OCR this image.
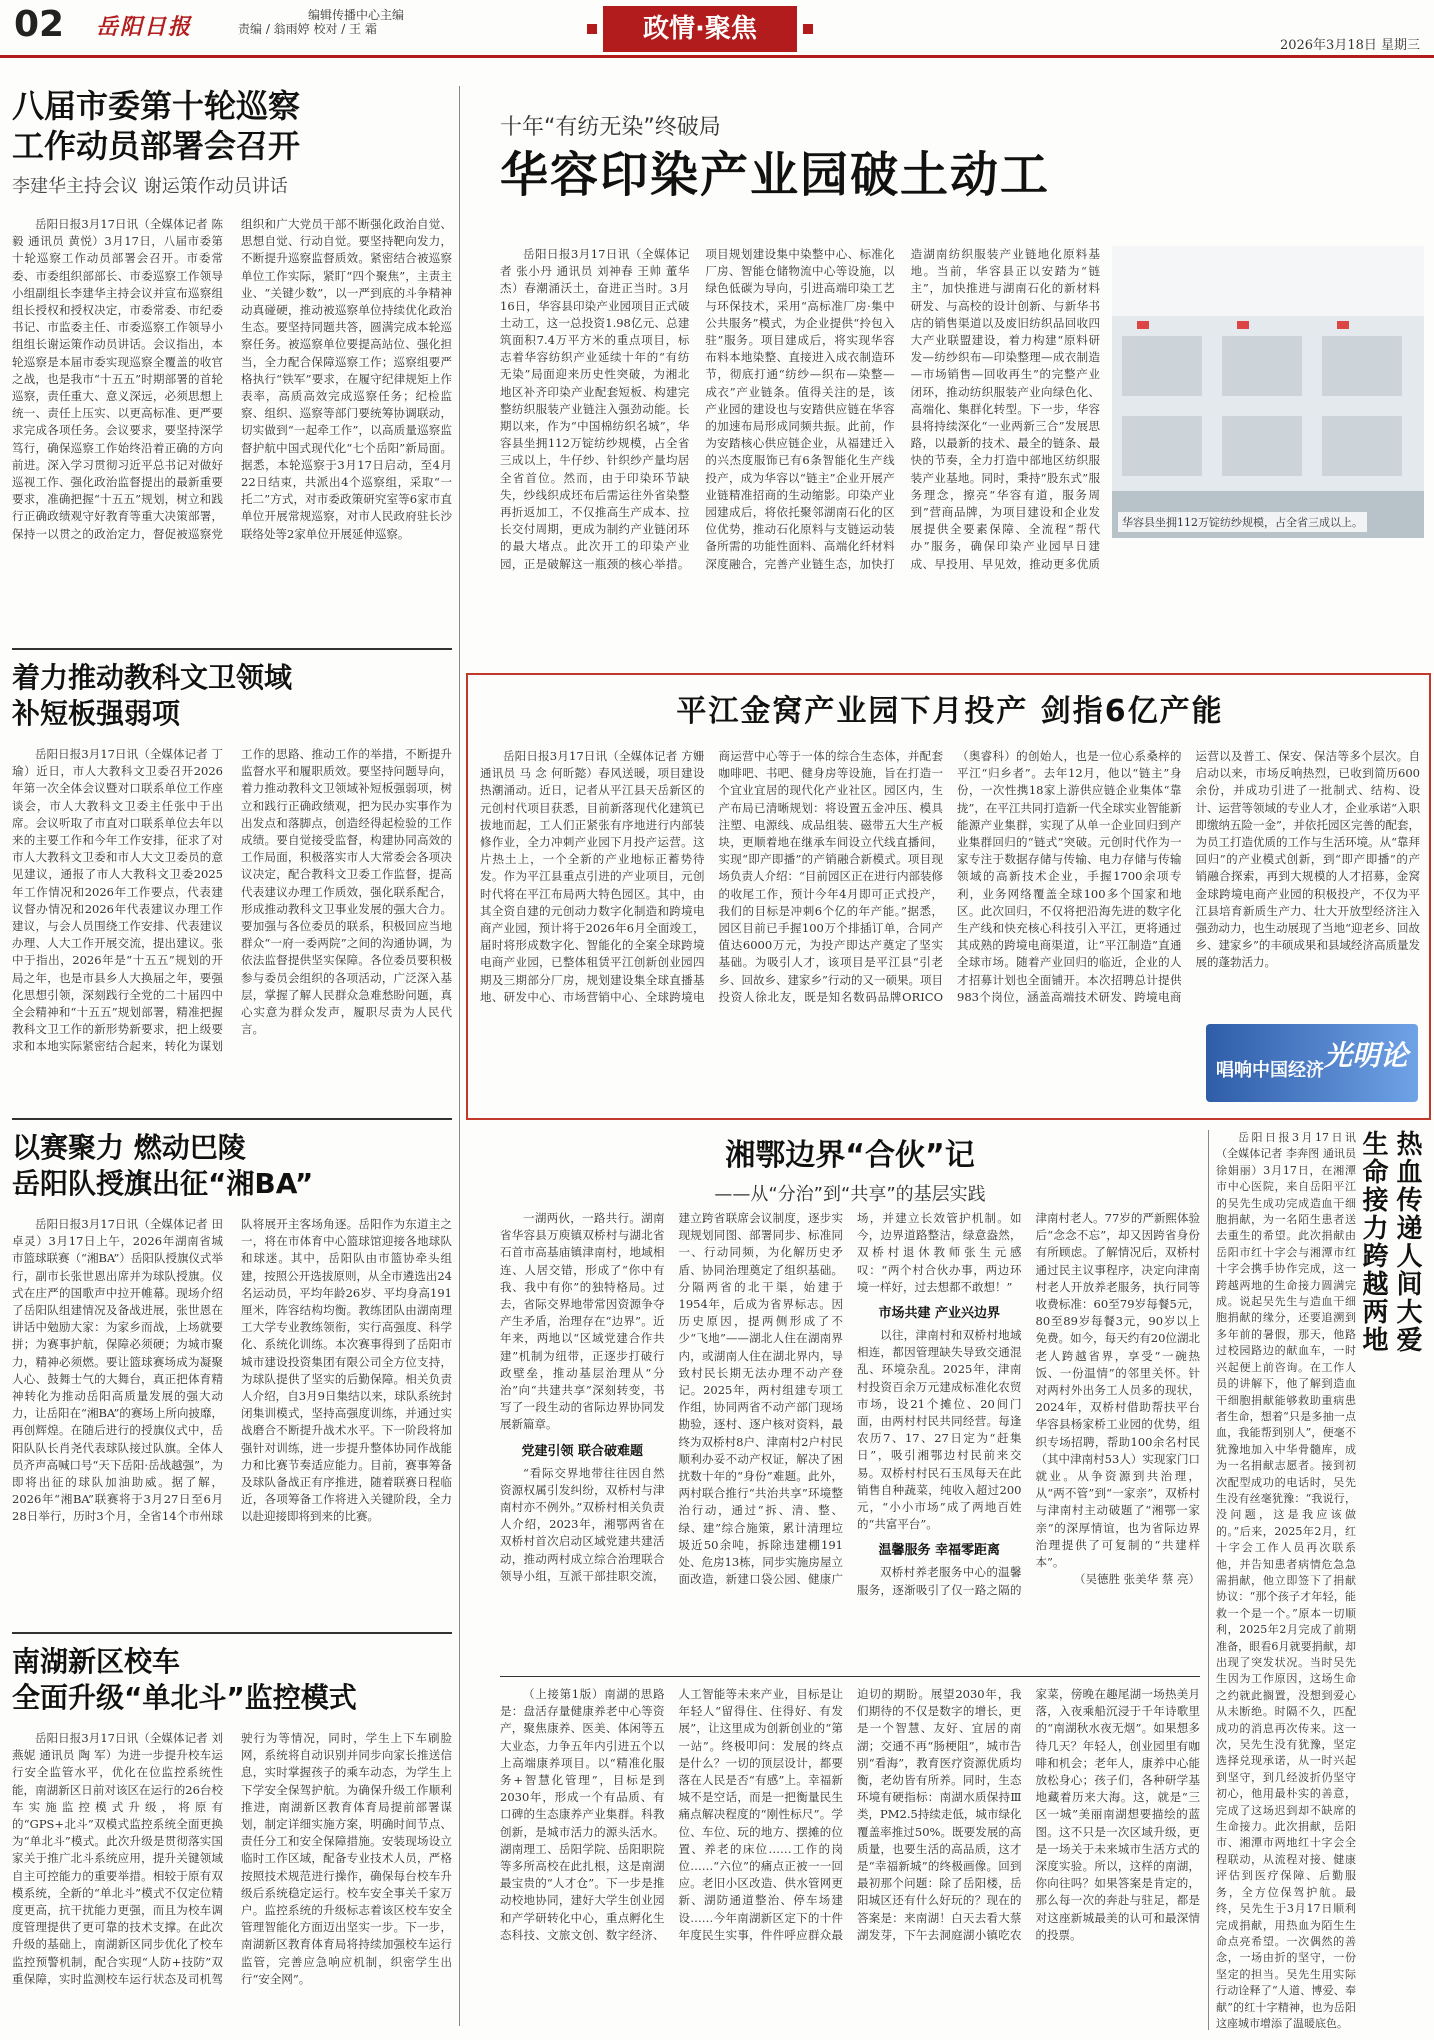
02 岳阳日报	编辑传播中心主编
责编 / 翁雨婷 校对 / 王 霜	政情·聚焦
2026年3月18日 星期三
八届市委第十轮巡察
工作动员部署会召开
李建华主持会议 谢运策作动员讲话
岳阳日报3月17日讯（全媒体记者 陈毅 通讯员 黄悦）3月17日，八届市委第十轮巡察工作动员部署会召开。市委常委、市委组织部部长、市委巡察工作领导小组副组长李建华主持会议并宣布巡察组组长授权和授权决定，市委常委、市纪委书记、市监委主任、市委巡察工作领导小组组长谢运策作动员讲话。会议指出，本轮巡察是本届市委实现巡察全覆盖的收官之战，也是我市“十五五”时期部署的首轮巡察，责任重大、意义深远，必须思想上统一、责任上压实、以更高标准、更严要求完成各项任务。会议要求，要坚持深学笃行，确保巡察工作始终沿着正确的方向前进。深入学习贯彻习近平总书记对做好巡视工作、强化政治监督提出的最新重要要求，准确把握“十五五”规划，树立和践行正确政绩观守好教育等重大决策部署，保持一以贯之的政治定力，督促被巡察党组织和广大党员干部不断强化政治自觉、思想自觉、行动自觉。要坚持靶向发力，不断提升巡察监督质效。紧密结合被巡察单位工作实际，紧盯“四个聚焦”，主责主业、“关键少数”，以一严到底的斗争精神动真碰硬，推动被巡察单位持续优化政治生态。要坚持同题共答，圆满完成本轮巡察任务。被巡察单位要提高站位、强化担当，全力配合保障巡察工作；巡察组要严格执行“铁军”要求，在履守纪律规矩上作表率，高质高效完成巡察任务；纪检监察、组织、巡察等部门要统筹协调联动，切实做到“一起牵工作”，以高质量巡察监督护航中国式现代化“七个岳阳”新局面。据悉，本轮巡察于3月17日启动，至4月22日结束，共派出4个巡察组，采取“一托二”方式，对市委政策研究室等6家市直单位开展常规巡察，对市人民政府驻长沙联络处等2家单位开展延伸巡察。
着力推动教科文卫领域
补短板强弱项
岳阳日报3月17日讯（全媒体记者 丁瑜）近日，市人大教科文卫委召开2026年第一次全体会议暨对口联系单位工作座谈会，市人大教科文卫委主任张中于出席。会议听取了市直对口联系单位去年以来的主要工作和今年工作安排，征求了对市人大教科文卫委和市人大文卫委员的意见建议，通报了市人大教科文卫委2025年工作情况和2026年工作要点，代表建议督办情况和2026年代表建议办理工作建议，与会人员围绕工作安排、代表建议办理、人大工作开展交流，提出建议。张中于指出，2026年是“十五五”规划的开局之年，也是市县乡人大换届之年，要强化思想引领，深刻践行全党的二十届四中全会精神和“十五五”规划部署，精准把握教科文卫工作的新形势新要求，把上级要求和本地实际紧密结合起来，转化为谋划工作的思路、推动工作的举措，不断提升监督水平和履职质效。要坚持问题导向，着力推动教科文卫领域补短板强弱项，树立和践行正确政绩观，把为民办实事作为出发点和落脚点，创造经得起检验的工作成绩。要自觉接受监督，构建协同高效的工作局面，积极落实市人大常委会各项决议决定，配合教科文卫委工作监督，提高代表建议办理工作质效，强化联系配合，形成推动教科文卫事业发展的强大合力。要加强与各位委员的联系，积极回应当地群众“一府一委两院”之间的沟通协调，为依法监督提供坚实保障。各位委员要积极参与委员会组织的各项活动，广泛深入基层，掌握了解人民群众急难愁盼问题，真心实意为群众发声，履职尽责为人民代言。
以赛聚力 燃动巴陵
岳阳队授旗出征“湘BA”
岳阳日报3月17日讯（全媒体记者 田卓灵）3月17日上午，2026年湖南省城市篮球联赛（“湘BA”）岳阳队授旗仪式举行，副市长张世恩出席并为球队授旗。仪式在庄严的国歌声中拉开帷幕。现场介绍了岳阳队组建情况及备战进展，张世恩在讲话中勉励大家：为家乡而战，上场就要拼；为赛事护航，保障必须硬；为城市聚力，精神必须燃。要让篮球赛场成为凝聚人心、鼓舞士气的大舞台，真正把体育精神转化为推动岳阳高质量发展的强大动力，让岳阳在“湘BA”的赛场上所向披靡，再创辉煌。在随后进行的授旗仪式中，岳阳队队长肖尧代表球队接过队旗。全体人员齐声高喊口号“天下岳阳·岳战越强”，为即将出征的球队加油助威。据了解，2026年“湘BA”联赛将于3月27日至6月28日举行，历时3个月，全省14个市州球队将展开主客场角逐。岳阳作为东道主之一，将在市体育中心篮球馆迎接各地球队和球迷。其中，岳阳队由市篮协牵头组建，按照公开选拔原则，从全市遴选出24名运动员，平均年龄26岁、平均身高191厘米，阵容结构均衡。教练团队由湖南理工大学专业教练领衔，实行高强度、科学化、系统化训练。本次赛事得到了岳阳市城市建设投资集团有限公司全方位支持，为球队提供了坚实的后勤保障。相关负责人介绍，自3月9日集结以来，球队系统封闭集训模式，坚持高强度训练，并通过实战磨合不断提升战术水平。下一阶段将加强针对训练，进一步提升整体协同作战能力和比赛节奏适应能力。目前，赛事筹备及球队备战正有序推进，随着联赛日程临近，各项筹备工作将进入关键阶段，全力以赴迎接即将到来的比赛。
南湖新区校车
全面升级“单北斗”监控模式
岳阳日报3月17日讯（全媒体记者 刘燕妮 通讯员 陶 军）为进一步提升校车运行安全监管水平，优化在位监控系统性能，南湖新区日前对该区在运行的26台校车实施监控模式升级，将原有的“GPS+北斗”双模式监控系统全面更换为“单北斗”模式。此次升级是贯彻落实国家关于推广北斗系统应用，提升关键领域自主可控能力的重要举措。相较于原有双模系统，全新的“单北斗”模式不仅定位精度更高，抗干扰能力更强，而且为校车调度管理提供了更可靠的技术支撑。在此次升级的基础上，南湖新区同步优化了校车监控预警机制，配合实现“人防+技防”双重保障，实时监测校车运行状态及司机驾驶行为等情况，同时，学生上下车刷脸网，系统将自动识别并同步向家长推送信息，实时掌握孩子的乘车动态，为学生上下学安全保驾护航。为确保升级工作顺利推进，南湖新区教育体育局提前部署谋划，制定详细实施方案，明确时间节点、责任分工和安全保障措施。安装现场设立临时工作区域，配备专业技术人员，严格按照技术规范进行操作，确保每台校车升级后系统稳定运行。校车安全事关千家万户。监控系统的升级标志着该区校车安全管理智能化方面迈出坚实一步。下一步，南湖新区教育体育局将持续加强校车运行监管，完善应急响应机制，织密学生出行“安全网”。
十年“有纺无染”终破局
华容印染产业园破土动工
岳阳日报3月17日讯（全媒体记者 张小丹 通讯员 刘神春 王帅 董华杰）春潮涌沃土，奋进正当时。3月16日，华容县印染产业园项目正式破土动工，这一总投资1.98亿元、总建筑面积7.4万平方米的重点项目，标志着华容纺织产业延续十年的“有纺无染”局面迎来历史性突破，为湘北地区补齐印染产业配套短板、构建完整纺织服装产业链注入强劲动能。长期以来，作为“中国棉纺织名城”，华容县坐拥112万锭纺纱规模，占全省三成以上，牛仔纱、针织纱产量均居全省首位。然而，由于印染环节缺失，纱线织成坯布后需运往外省染整再折返加工，不仅推高生产成本、拉长交付周期，更成为制约产业链闭环的最大堵点。此次开工的印染产业园，正是破解这一瓶颈的核心举措。项目规划建设集中染整中心、标准化厂房、智能仓储物流中心等设施，以绿色低碳为导向，引进高端印染工艺与环保技术，采用“高标准厂房·集中公共服务”模式，为企业提供“拎包入驻”服务。项目建成后，将实现华容布料本地染整、直接进入成衣制造环节，彻底打通“纺纱—织布—染整—成衣”产业链条。值得关注的是，该产业园的建设也与安踏供应链在华容的加速布局形成同频共振。此前，作为安踏核心供应链企业，从福建迁入的兴杰度服饰已有6条智能化生产线投产，成为华容以“链主”企业开展产业链精准招商的生动缩影。印染产业园建成后，将依托聚邻湖南石化的区位优势，推动石化原料与支链运动装备所需的功能性面料、高端化纤材料深度融合，完善产业链生态，加快打造湖南纺织服装产业链地化原料基地。当前，华容县正以安踏为“链主”，加快推进与湖南石化的新材料研发、与高校的设计创新、与新华书店的销售渠道以及废旧纺织品回收四大产业联盟建设，着力构建“原料研发—纺纱织布—印染整理—成衣制造—市场销售—回收再生”的完整产业闭环，推动纺织服装产业向绿色化、高端化、集群化转型。下一步，华容县将持续深化“一业两新三合”发展思路，以最新的技术、最全的链条、最快的节奏，全力打造中部地区纺织服装产业基地。同时，秉持“股东式”服务理念，擦亮“华容有道，服务周到”营商品牌，为项目建设和企业发展提供全要素保障、全流程“帮代办”服务，确保印染产业园早日建成、早投用、早见效，推动更多优质
华容县坐拥112万锭纺纱规模，占全省三成以上。
平江金窝产业园下月投产 剑指6亿产能
岳阳日报3月17日讯（全媒体记者 方姗 通讯员 马 念 何昕懿）春风送暖，项目建设热潮涌动。近日，记者从平江县天岳新区的元创村代项目获悉，目前新落现代化建筑已拔地而起，工人们正紧张有序地进行内部装修作业，全力冲刺产业园下月投产运营。这片热土上，一个全新的产业地标正蓄势待发。作为平江县重点引进的产业项目，元创时代将在平江布局两大特色园区。其中，由其全资自建的元创动力数字化制造和跨境电商产业园，预计将于2026年6月全面竣工，届时将形成数字化、智能化的全案全球跨境电商产业园，已整体租赁平江创新创业园四期及三期部分厂房，规划建设集全球直播基地、研发中心、市场营销中心、全球跨境电商运营中心等于一体的综合生态体，并配套咖啡吧、书吧、健身房等设施，旨在打造一个宜业宜居的现代化产业社区。园区内，生产布局已清晰规划：将设置五金冲压、模具注塑、电源线、成品组装、磁带五大生产板块，更顺着地在继承车间设立代线直播间，实现“即产即播”的产销融合新模式。项目现场负责人介绍：“目前园区正在进行内部装修的收尾工作，预计今年4月即可正式投产，我们的目标是冲刺6个亿的年产能。”据悉，园区目前已手握100万个排插订单，合同产值达6000万元，为投产即达产奠定了坚实基础。为吸引人才，该项目是平江县“引老乡、回故乡、建家乡”行动的又一硕果。项目投资人徐北友，既是知名数码品牌ORICO（奥睿科）的创始人，也是一位心系桑梓的平江“归乡者”。去年12月，他以“链主”身份，一次性携18家上游供应链企业集体“靠拢”，在平江共同打造新一代全球实业智能新能源产业集群，实现了从单一企业回归到产业集群回归的“链式”突破。元创时代作为一家专注于数据存储与传输、电力存储与传输领域的高新技术企业，手握1700余项专利，业务网络覆盖全球100多个国家和地区。此次回归，不仅将把沿海先进的数字化生产线和快充核心科技引入平江，更将通过其成熟的跨境电商渠道，让“平江制造”直通全球市场。随着产业回归的临近，企业的人才招募计划也全面铺开。本次招聘总计提供983个岗位，涵盖高端技术研发、跨境电商运营以及普工、保安、保洁等多个层次。自启动以来，市场反响热烈，已收到简历600余份，并成功引进了一批制式、结构、设计、运营等领域的专业人才，企业承诺“入职即缴纳五险一金”，并依托园区完善的配套，为员工打造优质的工作与生活环境。从“靠拜回归”的产业模式创新，到“即产即播”的产销融合探索，再到大规模的人才招募，金窝金球跨境电商产业园的积极投产，不仅为平江县培育新质生产力、壮大开放型经济注入强劲动力，也生动展现了当地“迎老乡、回故乡、建家乡”的丰硕成果和县域经济高质量发展的蓬勃活力。
唱响中国经济 光明论
湘鄂边界“合伙”记
——从“分治”到“共享”的基层实践
一湖两伙，一路共行。湖南省华容县万庾镇双桥村与湖北省石首市高基庙镇津南村，地域相连、人居交错，形成了“你中有我、我中有你”的独特格局。过去，省际交界地带常因资源争夺产生矛盾，治理存在“边界”。近年来，两地以“区域党建合作共建”机制为纽带，正逐步打破行政壁垒，推动基层治理从“分治”向“共建共享”深刻转变，书写了一段生动的省际边界协同发展新篇章。
党建引领 联合破难题
“看际交界地带往往因自然资源权属引发纠纷，双桥村与津南村亦不例外。”双桥村相关负责人介绍，2023年，湘鄂两省在双桥村首次启动区域党建共建活动，推动两村成立综合治理联合领导小组，互派干部挂职交流，建立跨省联席会议制度，逐步实现规划同图、部署同步、标准同一、行动同频，为化解历史矛盾、协同治理奠定了组织基础。分隔两省的北干渠，始建于1954年，后成为省界标志。因历史原因，提两侧形成了不少“飞地”——湖北人住在湖南界内，或湖南人住在湖北界内，导致村民长期无法办理不动产登记。2025年，两村组建专项工作组，协同两省不动产部门现场勘验，逐村、逐户核对资料，最终为双桥村8户、津南村2户村民顺利办妥不动产权证，解决了困扰数十年的“身份”难题。此外，两村联合推行“共治共享”环境整治行动，通过“拆、清、整、绿、建”综合施策，累计清理垃圾近50余吨，拆除违建棚191处、危房13栋，同步实施房屋立面改造，新建口袋公园、健康广场，并建立长效管护机制。如今，边界道路整洁，绿意盎然，双桥村退休教师张生元感叹：“两个村合伙办事，两边环境一样好，过去想都不敢想！”
市场共建 产业兴边界
以往，津南村和双桥村地域相连，都因管理缺失导致交通混乱、环境杂乱。2025年，津南村投资百余万元建成标准化农贸市场，设21个摊位、20间门面，由两村村民共同经营。每逢农历7、17、27日定为“赶集日”，吸引湘鄂边村民前来交易。双桥村村民石玉凤每天在此销售自种蔬菜，纯收入超过200元，“小小市场”成了两地百姓的“共富平台”。
温馨服务 幸福零距离
双桥村养老服务中心的温馨服务，逐渐吸引了仅一路之隔的津南村老人。77岁的严新熙体验后“念念不忘”，却又因跨省身份有所顾虑。了解情况后，双桥村通过民主议事程序，决定向津南村老人开放养老服务，执行同等收费标准：60至79岁每餐5元，80至89岁每餐3元，90岁以上免费。如今，每天约有20位湖北老人跨越省界，享受“一碗热饭、一份温情”的邻里关怀。针对两村外出务工人员多的现状，2024年，双桥村借助帮扶平台华容县杨家桥工业园的优势，组织专场招聘，帮助100余名村民（其中津南村53人）实现家门口就业。从争资源到共治理，从“两不管”到“一家亲”，双桥村与津南村主动破题了“湘鄂一家亲”的深厚情谊，也为省际边界治理提供了可复制的“共建样本”。
（吴德胜 张美华 蔡 亮）
热血传递人间大爱
生命接力跨越两地
岳阳日报3月17日讯（全媒体记者 李奔图 通讯员 徐娟丽）3月17日，在湘潭市中心医院，来自岳阳平江的吴先生成功完成造血干细胞捐献，为一名陌生患者送去重生的希望。此次捐献由岳阳市红十字会与湘潭市红十字会携手协作完成，这一跨越两地的生命接力圆满完成。说起吴先生与造血干细胞捐献的缘分，还要追溯到多年前的暑假，那天，他路过校园路边的献血车，一时兴起便上前咨询。在工作人员的讲解下，他了解到造血干细胞捐献能够救助重病患者生命，想着“只是多抽一点血，我能帮到别人”，便毫不犹豫地加入中华骨髓库，成为一名捐献志愿者。接到初次配型成功的电话时，吴先生没有丝毫犹豫：“我说行，没问题，这是我应该做的。”后来，2025年2月，红十字会工作人员再次联系他，并告知患者病情危急急需捐献，他立即签下了捐献协议：“那个孩子才年轻，能救一个是一个。”原本一切顺利，2025年2月完成了前期准备，眼看6月就要捐献，却出现了突发状况。当时吴先生因为工作原因，这场生命之约就此搁置，没想到爱心从未断绝。时隔不久，匹配成功的消息再次传来。这一次，吴先生没有犹豫，坚定选择兑现承诺，从一时兴起到坚守，到几经波折仍坚守初心，他用最朴实的善意，完成了这场迟到却不缺席的生命接力。此次捐献，岳阳市、湘潭市两地红十字会全程联动，从流程对接、健康评估到医疗保障、后勤服务，全方位保驾护航。最终，吴先生于3月17日顺利完成捐献，用热血为陌生生命点亮希望。一次偶然的善念，一场由折的坚守，一份坚定的担当。吴先生用实际行动诠释了“人道、博爱、奉献”的红十字精神，也为岳阳这座城市增添了温暖底色。
（上接第1版）南湖的思路是：盘活存量健康养老中心等资产，聚焦康养、医美、体闲等五大业态，力争五年内引进五个以上高端康养项目。以“精准化服务+智慧化管理”，目标是到2030年，形成一个有品质、有口碑的生态康养产业集群。科教创新，是城市活力的源头活水。湖南理工、岳阳学院、岳阳职院等多所高校在此扎根，这是南湖最宝贵的“人才仓”。下一步是推动校地协同，建好大学生创业园和产学研转化中心，重点孵化生态科技、文旅文创、数字经济、人工智能等未来产业，目标是让年轻人“留得住、住得好、有发展”，让这里成为创新创业的“第一站”。终极叩问：发展的终点是什么？一切的顶层设计，都要落在人民是否“有感”上。幸福新城不是空话，而是一把衡量民生痛点解决程度的“刚性标尺”。学位、车位、玩的地方、摆摊的位置、养老的床位……工作的岗位……“六位”的痛点正被一一回应。老旧小区改造、供水管网更新、湖防通道整治、停车场建设……今年南湖新区定下的十件年度民生实事，件件呼应群众最迫切的期盼。展望2030年，我们期待的不仅是数字的增长，更是一个智慧、友好、宜居的南湖；交通不再“肠梗阻”，城市告别“看海”，教育医疗资源优质均衡，老幼皆有所养。同时，生态环境有硬指标：南湖水质保持Ⅲ类，PM2.5持续走低，城市绿化覆盖率推过50%。既要发展的高质量，也要生活的高品质，这才是“幸福新城”的终极画像。回到最初那个问题：除了岳阳楼，岳阳城区还有什么好玩的？现在的答案是：来南湖！白天去看大蔡湖发芽，下午去洞庭湖小镇吃农家菜，傍晚在趣尾湖一场热美月落，入夜乘船沉浸于千年诗歌里的“南湖秋水夜无烟”。如果想多待几天？年轻人，创业园里有咖啡和机会；老年人，康养中心能放松身心；孩子们，各种研学基地藏着历来大海。这，就是“三区一城”美丽南湖想要描绘的蓝图。这不只是一次区域升级，更是一场关于未来城市生活方式的深度实验。所以，这样的南湖，你向往吗？如果答案是肯定的，那么每一次的奔赴与驻足，都是对这座新城最美的认可和最深情的投票。
